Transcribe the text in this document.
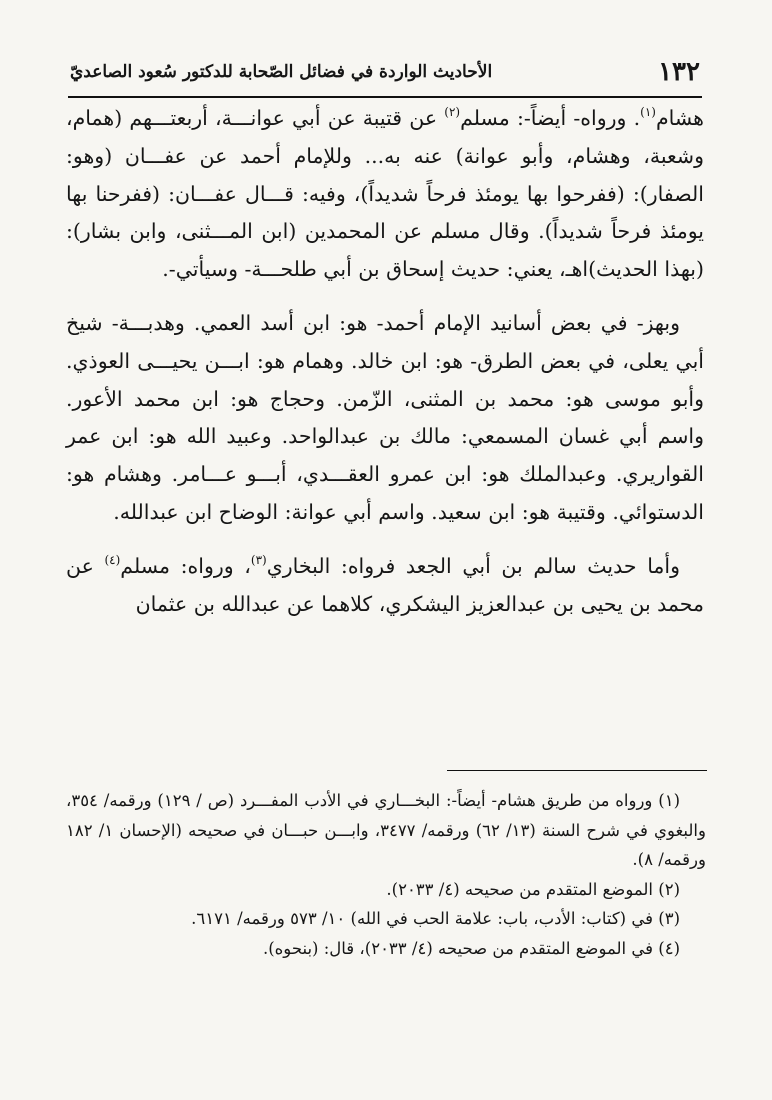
١٣٢
الأحاديث الواردة في فضائل الصّحابة للدكتور سُعود الصاعديّ

هشام$^{(١)}$. ورواه- أيضاً-: مسلم$^{(٢)}$ عن قتيبة عن أبي عوانـــة، أربعتـــهم (همام، وشعبة، وهشام، وأبو عوانة) عنه به... وللإمام أحمد عن عفـــان (وهو: الصفار): (ففرحوا بها يومئذ فرحاً شديداً)، وفيه: قـــال عفـــان: (ففرحنا بها يومئذ فرحاً شديداً). وقال مسلم عن المحمدين (ابن المـــثنى، وابن بشار): (بهذا الحديث)اهـ، يعني: حديث إسحاق بن أبي طلحـــة- وسيأتي-.

وبهز- في بعض أسانيد الإمام أحمد- هو: ابن أسد العمي. وهدبـــة- شيخ أبي يعلى، في بعض الطرق- هو: ابن خالد. وهمام هو: ابـــن يحيـــى العوذي. وأبو موسى هو: محمد بن المثنى، الزّمن. وحجاج هو: ابن محمد الأعور. واسم أبي غسان المسمعي: مالك بن عبدالواحد. وعبيد الله هو: ابن عمر القواريري. وعبدالملك هو: ابن عمرو العقـــدي، أبـــو عـــامر. وهشام هو: الدستوائي. وقتيبة هو: ابن سعيد. واسم أبي عوانة: الوضاح ابن عبدالله.

وأما حديث سالم بن أبي الجعد فرواه: البخاري$^{(٣)}$، ورواه: مسلم$^{(٤)}$ عن محمد بن يحيى بن عبدالعزيز اليشكري، كلاهما عن عبدالله بن عثمان

(١) ورواه من طريق هشام- أيضاً-: البخـــاري في الأدب المفـــرد (ص / ١٢٩) ورقمه/ ٣٥٤، والبغوي في شرح السنة (١٣/ ٦٢) ورقمه/ ٣٤٧٧، وابـــن حبـــان في صحيحه (الإحسان ١/ ١٨٢ ورقمه/ ٨).

(٢) الموضع المتقدم من صحيحه (٤/ ٢٠٣٣).

(٣) في (كتاب: الأدب، باب: علامة الحب في الله) ١٠/ ٥٧٣ ورقمه/ ٦١٧١.

(٤) في الموضع المتقدم من صحيحه (٤/ ٢٠٣٣)، قال: (بنحوه).
